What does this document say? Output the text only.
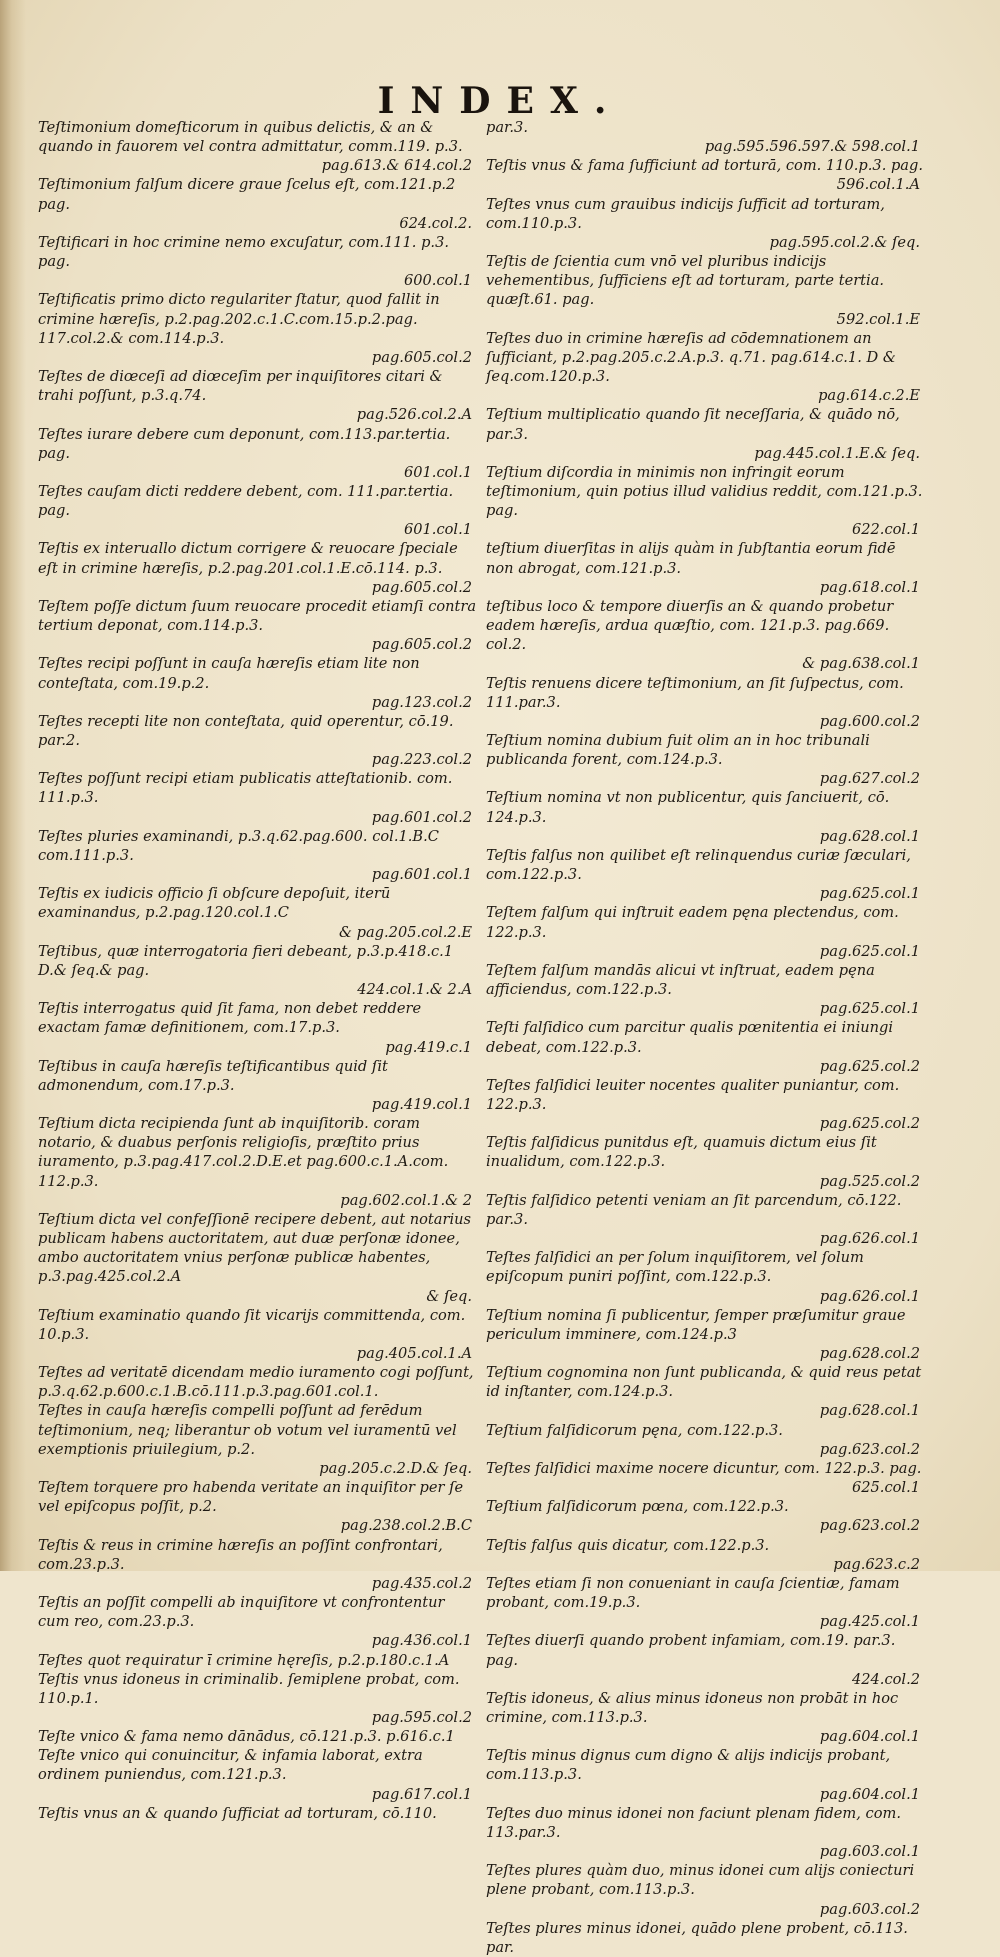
INDEX.
Teſtimonium domeſticorum in quibus delictis, & an & quando in fauorem vel contra admittatur, comm.119. p.3.
pag.613.& 614.col.2
Teſtimonium falſum dicere graue ſcelus eſt, com.121.p.2 pag.
624.col.2.
Teſtificari in hoc crimine nemo excuſatur, com.111. p.3. pag.
600.col.1
Teſtificatis primo dicto regulariter ſtatur, quod fallit in crimine hæreſis, p.2.pag.202.c.1.C.com.15.p.2.pag. 117.col.2.& com.114.p.3.
pag.605.col.2
Teſtes de diœceſi ad diœceſim per inquiſitores citari & trahi poſſunt, p.3.q.74.
pag.526.col.2.A
Teſtes iurare debere cum deponunt, com.113.par.tertia. pag.
601.col.1
Teſtes cauſam dicti reddere debent, com. 111.par.tertia. pag.
601.col.1
Teſtis ex interuallo dictum corrigere & reuocare ſpeciale eſt in crimine hæreſis, p.2.pag.201.col.1.E.cō.114. p.3.
pag.605.col.2
Teſtem poſſe dictum ſuum reuocare procedit etiamſi contra tertium deponat, com.114.p.3.
pag.605.col.2
Teſtes recipi poſſunt in cauſa hæreſis etiam lite non conteſtata, com.19.p.2.
pag.123.col.2
Teſtes recepti lite non conteſtata, quid operentur, cō.19. par.2.
pag.223.col.2
Teſtes poſſunt recipi etiam publicatis atteſtationib. com. 111.p.3.
pag.601.col.2
Teſtes pluries examinandi, p.3.q.62.pag.600. col.1.B.C com.111.p.3.
pag.601.col.1
Teſtis ex iudicis officio ſi obſcure depoſuit, iterū examinandus, p.2.pag.120.col.1.C
& pag.205.col.2.E
Teſtibus, quæ interrogatoria fieri debeant, p.3.p.418.c.1 D.& ſeq.& pag.
424.col.1.& 2.A
Teſtis interrogatus quid ſit fama, non debet reddere exactam famæ definitionem, com.17.p.3.
pag.419.c.1
Teſtibus in cauſa hæreſis teſtificantibus quid ſit admonendum, com.17.p.3.
pag.419.col.1
Teſtium dicta recipienda ſunt ab inquiſitorib. coram notario, & duabus perſonis religioſis, præſtito prius iuramento, p.3.pag.417.col.2.D.E.et pag.600.c.1.A.com. 112.p.3.
pag.602.col.1.& 2
Teſtium dicta vel confeſſionē recipere debent, aut notarius publicam habens auctoritatem, aut duæ perſonæ idonee, ambo auctoritatem vnius perſonæ publicæ habentes, p.3.pag.425.col.2.A
& ſeq.
Teſtium examinatio quando ſit vicarijs committenda, com. 10.p.3.
pag.405.col.1.A
Teſtes ad veritatē dicendam medio iuramento cogi poſſunt, p.3.q.62.p.600.c.1.B.cō.111.p.3.pag.601.col.1.
Teſtes in cauſa hæreſis compelli poſſunt ad ferēdum teſtimonium, neq; liberantur ob votum vel iuramentū vel exemptionis priuilegium, p.2.
pag.205.c.2.D.& ſeq.
Teſtem torquere pro habenda veritate an inquiſitor per ſe vel epiſcopus poſſit, p.2.
pag.238.col.2.B.C
Teſtis & reus in crimine hæreſis an poſſint confrontari, com.23.p.3.
pag.435.col.2
Teſtis an poſſit compelli ab inquiſitore vt confrontentur cum reo, com.23.p.3.
pag.436.col.1
Teſtes quot requiratur ī crimine hęreſis, p.2.p.180.c.1.A
Teſtis vnus idoneus in criminalib. ſemiplene probat, com. 110.p.1.
pag.595.col.2
Teſte vnico & fama nemo dānādus, cō.121.p.3. p.616.c.1
Teſte vnico qui conuincitur, & infamia laborat, extra ordinem puniendus, com.121.p.3.
pag.617.col.1
Teſtis vnus an & quando ſufficiat ad torturam, cō.110.
par.3.
pag.595.596.597.& 598.col.1
Teſtis vnus & fama ſufficiunt ad torturā, com. 110.p.3. pag.
596.col.1.A
Teſtes vnus cum grauibus indicijs ſufficit ad torturam, com.110.p.3.
pag.595.col.2.& ſeq.
Teſtis de ſcientia cum vnō vel pluribus indicijs vehementibus, ſufficiens eſt ad torturam, parte tertia. quæſt.61. pag.
592.col.1.E
Teſtes duo in crimine hæreſis ad cōdemnationem an ſufficiant, p.2.pag.205.c.2.A.p.3. q.71. pag.614.c.1. D & ſeq.com.120.p.3.
pag.614.c.2.E
Teſtium multiplicatio quando ſit neceſſaria, & quādo nō, par.3.
pag.445.col.1.E.& ſeq.
Teſtium diſcordia in minimis non infringit eorum teſtimonium, quin potius illud validius reddit, com.121.p.3. pag.
622.col.1
teſtium diuerſitas in alijs quàm in ſubſtantia eorum fidē non abrogat, com.121.p.3.
pag.618.col.1
teſtibus loco & tempore diuerſis an & quando probetur eadem hæreſis, ardua quæſtio, com. 121.p.3. pag.669. col.2.
& pag.638.col.1
Teſtis renuens dicere teſtimonium, an ſit ſuſpectus, com. 111.par.3.
pag.600.col.2
Teſtium nomina dubium fuit olim an in hoc tribunali publicanda forent, com.124.p.3.
pag.627.col.2
Teſtium nomina vt non publicentur, quis ſanciuerit, cō. 124.p.3.
pag.628.col.1
Teſtis falſus non quilibet eſt relinquendus curiæ ſæculari, com.122.p.3.
pag.625.col.1
Teſtem falſum qui inſtruit eadem pęna plectendus, com. 122.p.3.
pag.625.col.1
Teſtem falſum mandās alicui vt inſtruat, eadem pęna afficiendus, com.122.p.3.
pag.625.col.1
Teſti falſidico cum parcitur qualis pœnitentia ei iniungi debeat, com.122.p.3.
pag.625.col.2
Teſtes falſidici leuiter nocentes qualiter puniantur, com. 122.p.3.
pag.625.col.2
Teſtis falſidicus punitdus eſt, quamuis dictum eius ſit inualidum, com.122.p.3.
pag.525.col.2
Teſtis falſidico petenti veniam an ſit parcendum, cō.122. par.3.
pag.626.col.1
Teſtes falſidici an per ſolum inquiſitorem, vel ſolum epiſcopum puniri poſſint, com.122.p.3.
pag.626.col.1
Teſtium nomina ſi publicentur, ſemper præſumitur graue periculum imminere, com.124.p.3
pag.628.col.2
Teſtium cognomina non ſunt publicanda, & quid reus petat id inſtanter, com.124.p.3.
pag.628.col.1
Teſtium falſidicorum pęna, com.122.p.3.
pag.623.col.2
Teſtes falſidici maxime nocere dicuntur, com. 122.p.3. pag.
625.col.1
Teſtium falſidicorum pœna, com.122.p.3.
pag.623.col.2
Teſtis falſus quis dicatur, com.122.p.3.
pag.623.c.2
Teſtes etiam ſi non conueniant in cauſa ſcientiæ, famam probant, com.19.p.3.
pag.425.col.1
Teſtes diuerſi quando probent infamiam, com.19. par.3. pag.
424.col.2
Teſtis idoneus, & alius minus idoneus non probāt in hoc crimine, com.113.p.3.
pag.604.col.1
Teſtis minus dignus cum digno & alijs indicijs probant, com.113.p.3.
pag.604.col.1
Teſtes duo minus idonei non faciunt plenam fidem, com. 113.par.3.
pag.603.col.1
Teſtes plures quàm duo, minus idonei cum alijs coniecturi plene probant, com.113.p.3.
pag.603.col.2
Teſtes plures minus idonei, quādo plene probent, cō.113. par.
